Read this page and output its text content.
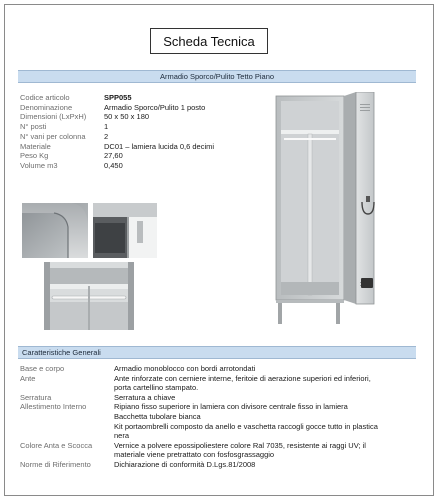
Scheda Tecnica
Armadio Sporco/Pulito Tetto Piano
Codice articolo	SPP055
Denominazione	Armadio Sporco/Pulito 1 posto
Dimensioni (LxPxH)	50 x 50 x 180
N° posti	1
N° vani per colonna	2
Materiale	DC01 – lamiera lucida 0,6 decimi
Peso Kg	27,60
Volume m3	0,450
Caratteristiche Generali
Base e corpo	Armadio monoblocco con bordi arrotondati
Ante	Ante rinforzate con cerniere interne, feritoie di aerazione superiori ed inferiori,
porta cartellino stampato.
Serratura	Serratura a chiave
Allestimento Interno	Ripiano fisso superiore in lamiera con divisore centrale fisso in lamiera
Bacchetta tubolare bianca
Kit portaombrelli composto da anello e vaschetta raccogli gocce tutto in plastica
nera
Colore Anta e Scocca	Vernice a polvere epossipoliestere colore Ral 7035, resistente ai raggi UV; il
materiale viene pretrattato con fosfosgrassaggio
Norme di Riferimento	Dichiarazione di conformità D.Lgs.81/2008
